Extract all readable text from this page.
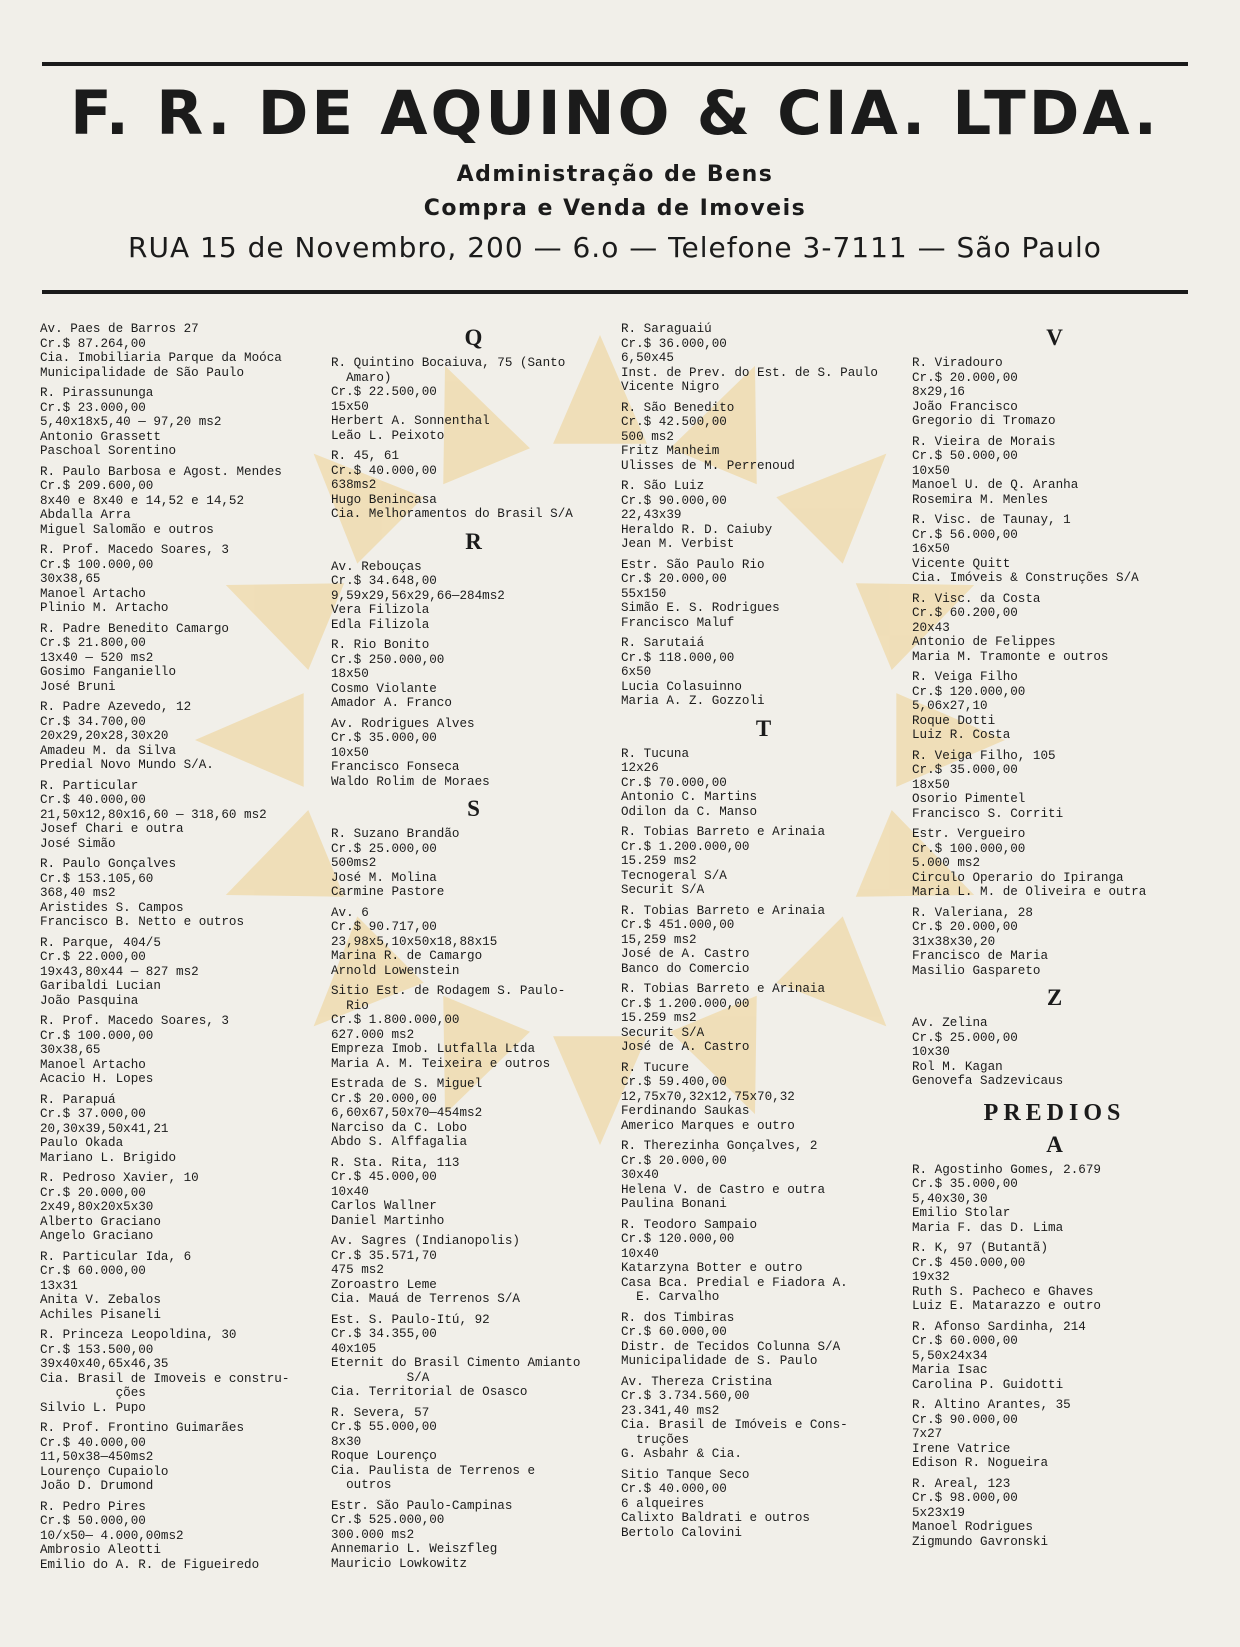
F. R. DE AQUINO & CIA. LTDA.
Administração de Bens
Compra e Venda de Imoveis
RUA 15 de Novembro, 200 — 6.o — Telefone 3-7111 — São Paulo
Av. Paes de Barros 27
Cr.$ 87.264,00
Cia. Imobiliaria Parque da Moóca
Municipalidade de São Paulo
R. Pirassununga
Cr.$ 23.000,00
5,40x18x5,40 — 97,20 ms2
Antonio Grassett
Paschoal Sorentino
R. Paulo Barbosa e Agost. Mendes
Cr.$ 209.600,00
8x40 e 8x40 e 14,52 e 14,52
Abdalla Arra
Miguel Salomão e outros
R. Prof. Macedo Soares, 3
Cr.$ 100.000,00
30x38,65
Manoel Artacho
Plinio M. Artacho
R. Padre Benedito Camargo
Cr.$ 21.800,00
13x40 — 520 ms2
Gosimo Fanganiello
José Bruni
R. Padre Azevedo, 12
Cr.$ 34.700,00
20x29,20x28,30x20
Amadeu M. da Silva
Predial Novo Mundo S/A.
R. Particular
Cr.$ 40.000,00
21,50x12,80x16,60 — 318,60 ms2
Josef Chari e outra
José Simão
R. Paulo Gonçalves
Cr.$ 153.105,60
368,40 ms2
Aristides S. Campos
Francisco B. Netto e outros
R. Parque, 404/5
Cr.$ 22.000,00
19x43,80x44 — 827 ms2
Garibaldi Lucian
João Pasquina
R. Prof. Macedo Soares, 3
Cr.$ 100.000,00
30x38,65
Manoel Artacho
Acacio H. Lopes
R. Parapuá
Cr.$ 37.000,00
20,30x39,50x41,21
Paulo Okada
Mariano L. Brigido
R. Pedroso Xavier, 10
Cr.$ 20.000,00
2x49,80x20x5x30
Alberto Graciano
Angelo Graciano
R. Particular Ida, 6
Cr.$ 60.000,00
13x31
Anita V. Zebalos
Achiles Pisaneli
R. Princeza Leopoldina, 30
Cr.$ 153.500,00
39x40x40,65x46,35
Cia. Brasil de Imoveis e constru-
ções
Silvio L. Pupo
R. Prof. Frontino Guimarães
Cr.$ 40.000,00
11,50x38—450ms2
Lourenço Cupaiolo
João D. Drumond
R. Pedro Pires
Cr.$ 50.000,00
10/x50— 4.000,00ms2
Ambrosio Aleotti
Emilio do A. R. de Figueiredo
Q
R. Quintino Bocaiuva, 75 (Santo
Amaro)
Cr.$ 22.500,00
15x50
Herbert A. Sonnenthal
Leão L. Peixoto
R. 45, 61
Cr.$ 40.000,00
638ms2
Hugo Benincasa
Cia. Melhoramentos do Brasil S/A
R
Av. Rebouças
Cr.$ 34.648,00
9,59x29,56x29,66—284ms2
Vera Filizola
Edla Filizola
R. Rio Bonito
Cr.$ 250.000,00
18x50
Cosmo Violante
Amador A. Franco
Av. Rodrigues Alves
Cr.$ 35.000,00
10x50
Francisco Fonseca
Waldo Rolim de Moraes
S
R. Suzano Brandão
Cr.$ 25.000,00
500ms2
José M. Molina
Carmine Pastore
Av. 6
Cr.$ 90.717,00
23,98x5,10x50x18,88x15
Marina R. de Camargo
Arnold Lowenstein
Sitio Est. de Rodagem S. Paulo-
Rio
Cr.$ 1.800.000,00
627.000 ms2
Empreza Imob. Lutfalla Ltda
Maria A. M. Teixeira e outros
Estrada de S. Miguel
Cr.$ 20.000,00
6,60x67,50x70—454ms2
Narciso da C. Lobo
Abdo S. Alffagalia
R. Sta. Rita, 113
Cr.$ 45.000,00
10x40
Carlos Wallner
Daniel Martinho
Av. Sagres (Indianopolis)
Cr.$ 35.571,70
475 ms2
Zoroastro Leme
Cia. Mauá de Terrenos S/A
Est. S. Paulo-Itú, 92
Cr.$ 34.355,00
40x105
Eternit do Brasil Cimento Amianto
S/A
Cia. Territorial de Osasco
R. Severa, 57
Cr.$ 55.000,00
8x30
Roque Lourenço
Cia. Paulista de Terrenos e
outros
Estr. São Paulo-Campinas
Cr.$ 525.000,00
300.000 ms2
Annemario L. Weiszfleg
Mauricio Lowkowitz
R. Saraguaiú
Cr.$ 36.000,00
6,50x45
Inst. de Prev. do Est. de S. Paulo
Vicente Nigro
R. São Benedito
Cr.$ 42.500,00
500 ms2
Fritz Manheim
Ulisses de M. Perrenoud
R. São Luiz
Cr.$ 90.000,00
22,43x39
Heraldo R. D. Caiuby
Jean M. Verbist
Estr. São Paulo Rio
Cr.$ 20.000,00
55x150
Simão E. S. Rodrigues
Francisco Maluf
R. Sarutaiá
Cr.$ 118.000,00
6x50
Lucia Colasuinno
Maria A. Z. Gozzoli
T
R. Tucuna
12x26
Cr.$ 70.000,00
Antonio C. Martins
Odilon da C. Manso
R. Tobias Barreto e Arinaia
Cr.$ 1.200.000,00
15.259 ms2
Tecnogeral S/A
Securit S/A
R. Tobias Barreto e Arinaia
Cr.$ 451.000,00
15,259 ms2
José de A. Castro
Banco do Comercio
R. Tobias Barreto e Arinaia
Cr.$ 1.200.000,00
15.259 ms2
Securit S/A
José de A. Castro
R. Tucure
Cr.$ 59.400,00
12,75x70,32x12,75x70,32
Ferdinando Saukas
Americo Marques e outro
R. Therezinha Gonçalves, 2
Cr.$ 20.000,00
30x40
Helena V. de Castro e outra
Paulina Bonani
R. Teodoro Sampaio
Cr.$ 120.000,00
10x40
Katarzyna Botter e outro
Casa Bca. Predial e Fiadora A.
E. Carvalho
R. dos Timbiras
Cr.$ 60.000,00
Distr. de Tecidos Colunna S/A
Municipalidade de S. Paulo
Av. Thereza Cristina
Cr.$ 3.734.560,00
23.341,40 ms2
Cia. Brasil de Imóveis e Cons-
truções
G. Asbahr & Cia.
Sitio Tanque Seco
Cr.$ 40.000,00
6 alqueires
Calixto Baldrati e outros
Bertolo Calovini
V
R. Viradouro
Cr.$ 20.000,00
8x29,16
João Francisco
Gregorio di Tromazo
R. Vieira de Morais
Cr.$ 50.000,00
10x50
Manoel U. de Q. Aranha
Rosemira M. Menles
R. Visc. de Taunay, 1
Cr.$ 56.000,00
16x50
Vicente Quitt
Cia. Imóveis & Construções S/A
R. Visc. da Costa
Cr.$ 60.200,00
20x43
Antonio de Felippes
Maria M. Tramonte e outros
R. Veiga Filho
Cr.$ 120.000,00
5,06x27,10
Roque Dotti
Luiz R. Costa
R. Veiga Filho, 105
Cr.$ 35.000,00
18x50
Osorio Pimentel
Francisco S. Corriti
Estr. Vergueiro
Cr.$ 100.000,00
5.000 ms2
Circulo Operario do Ipiranga
Maria L. M. de Oliveira e outra
R. Valeriana, 28
Cr.$ 20.000,00
31x38x30,20
Francisco de Maria
Masilio Gaspareto
Z
Av. Zelina
Cr.$ 25.000,00
10x30
Rol M. Kagan
Genovefa Sadzevicaus
PREDIOS
A
R. Agostinho Gomes, 2.679
Cr.$ 35.000,00
5,40x30,30
Emilio Stolar
Maria F. das D. Lima
R. K, 97 (Butantã)
Cr.$ 450.000,00
19x32
Ruth S. Pacheco e Ghaves
Luiz E. Matarazzo e outro
R. Afonso Sardinha, 214
Cr.$ 60.000,00
5,50x24x34
Maria Isac
Carolina P. Guidotti
R. Altino Arantes, 35
Cr.$ 90.000,00
7x27
Irene Vatrice
Edison R. Nogueira
R. Areal, 123
Cr.$ 98.000,00
5x23x19
Manoel Rodrigues
Zigmundo Gavronski
